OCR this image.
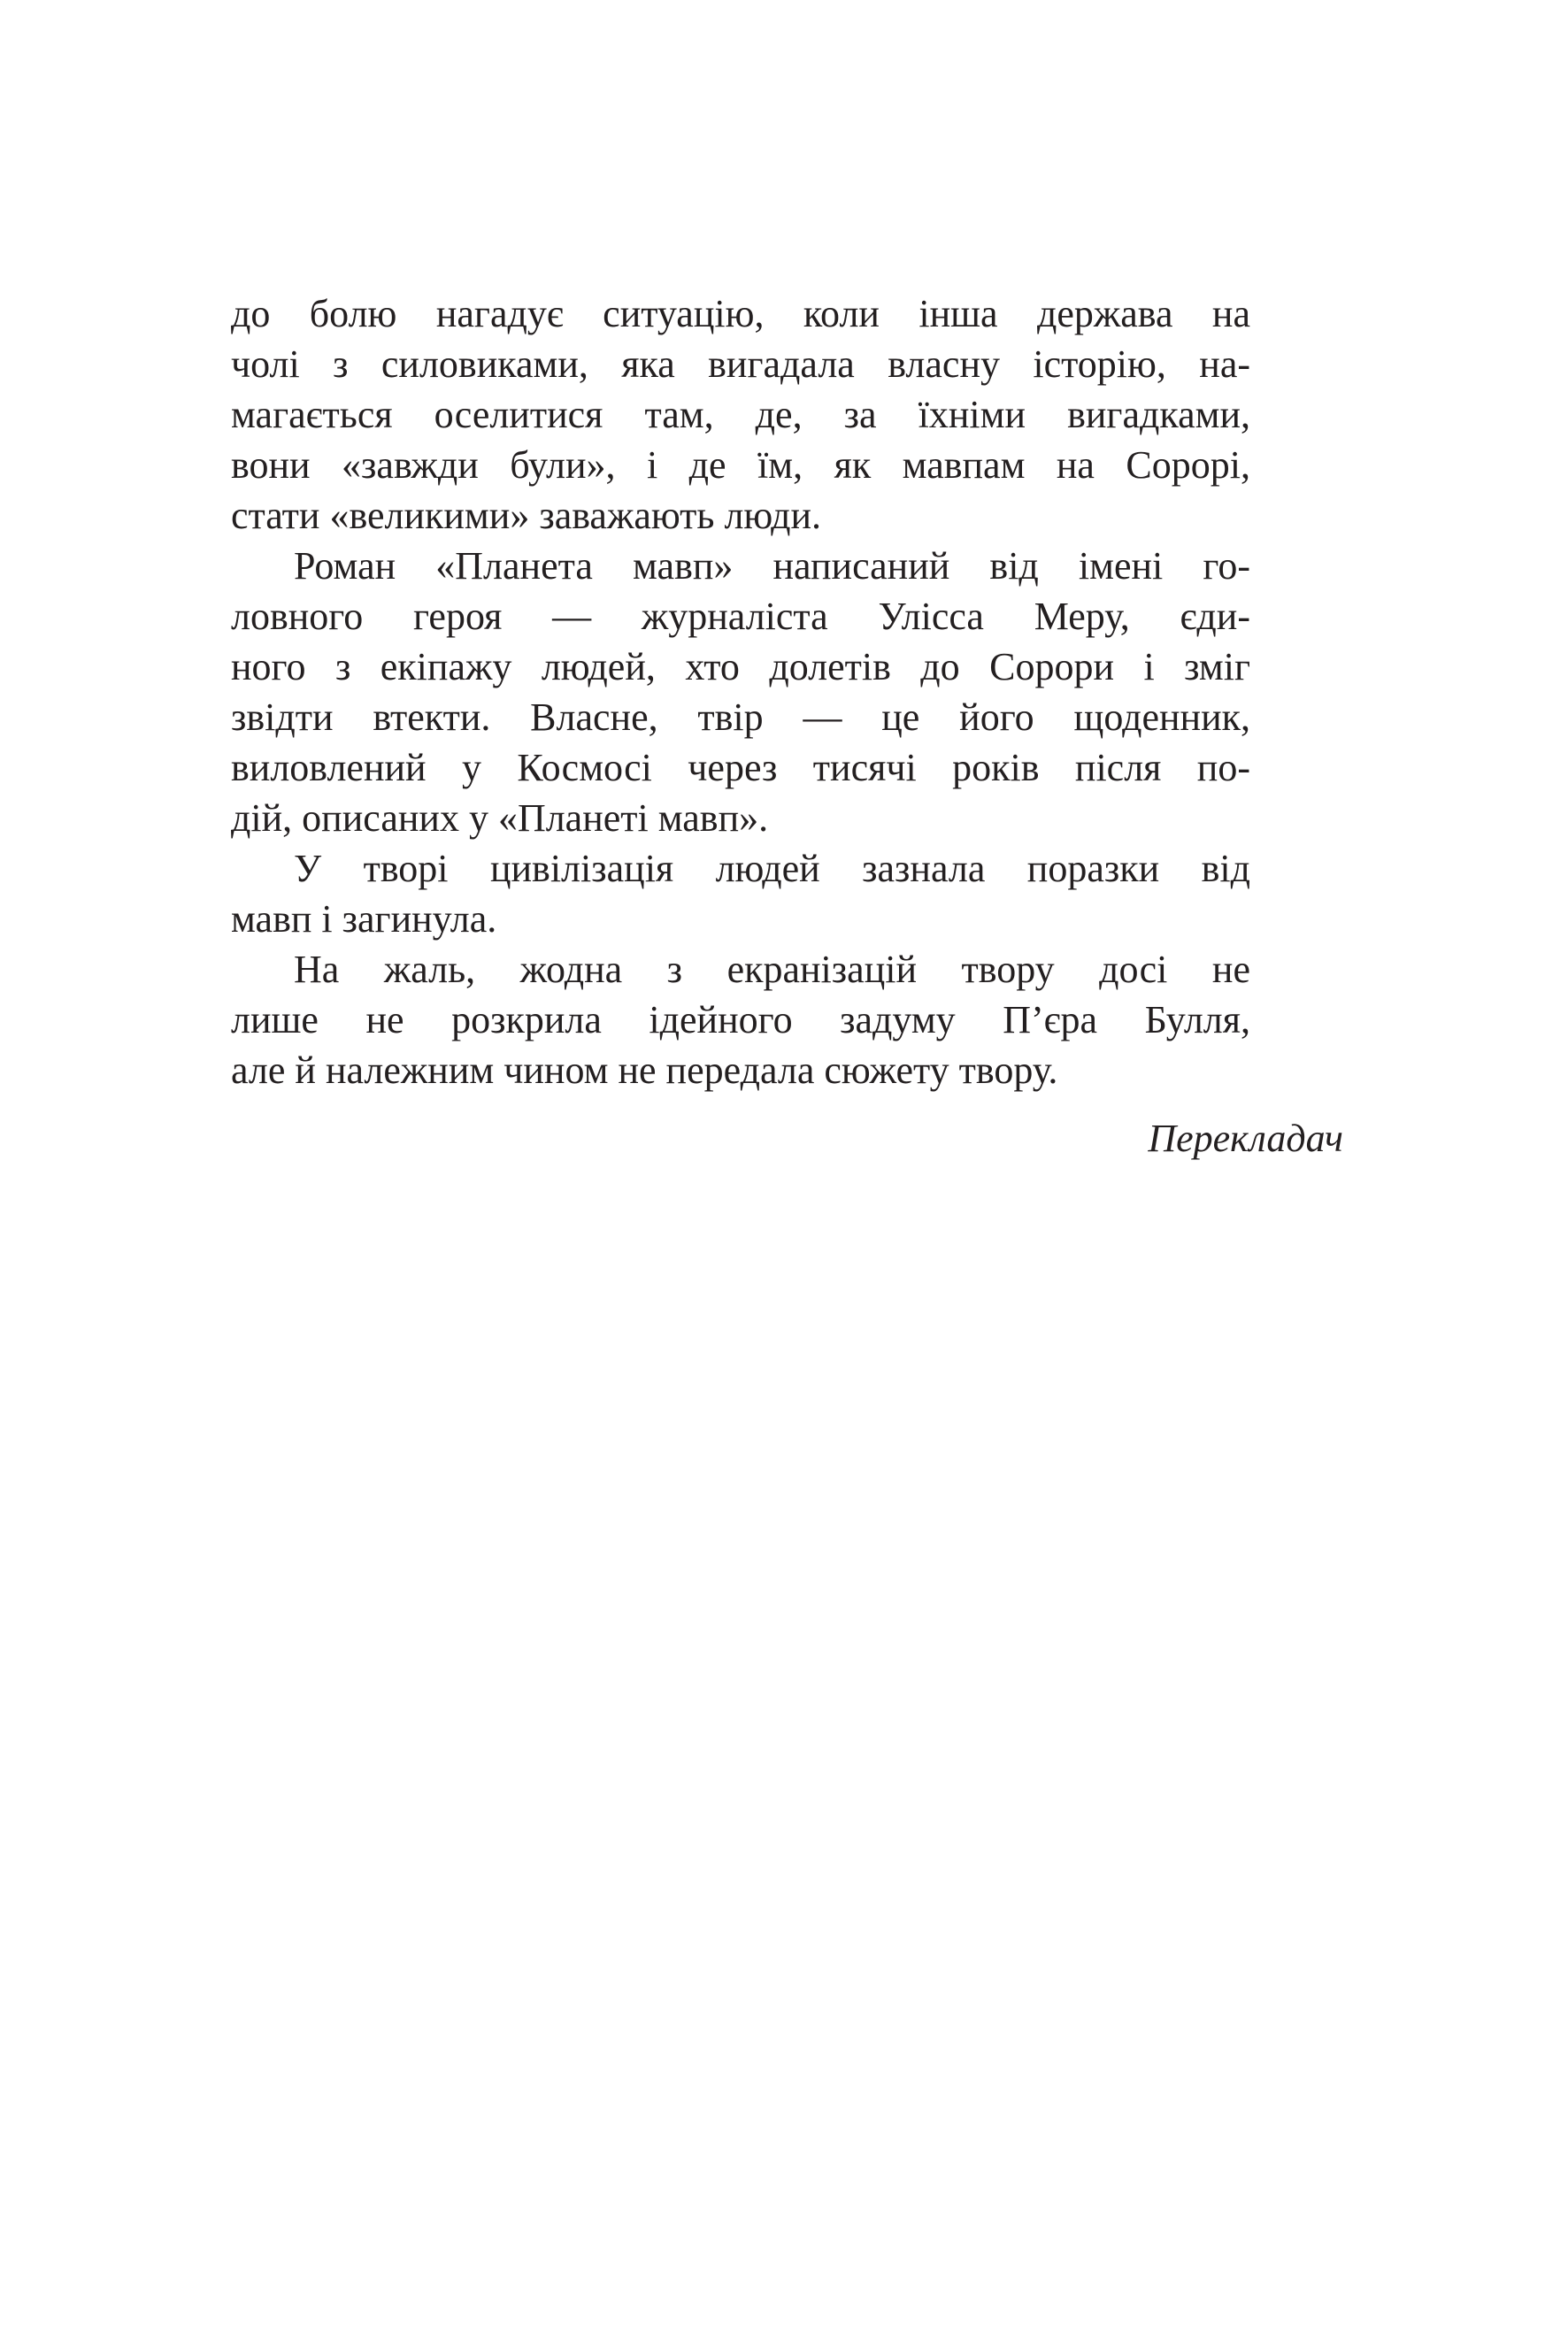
до болю нагадує ситуацію, коли інша держава на
чолі з силовиками, яка вигадала власну історію, на-
магається оселитися там, де, за їхніми вигадками,
вони «завжди були», і де їм, як мавпам на Сорорі,
стати «великими» заважають люди.
Роман «Планета мавп» написаний від імені го-
ловного героя — журналіста Улісса Меру, єди-
ного з екіпажу людей, хто долетів до Сорори і зміг
звідти втекти. Власне, твір — це його щоденник,
виловлений у Космосі через тисячі років після по-
дій, описаних у «Планеті мавп».
У творі цивілізація людей зазнала поразки від
мавп і загинула.
На жаль, жодна з екранізацій твору досі не
лише не розкрила ідейного задуму П’єра Булля,
але й належним чином не передала сюжету твору.
Перекладач
